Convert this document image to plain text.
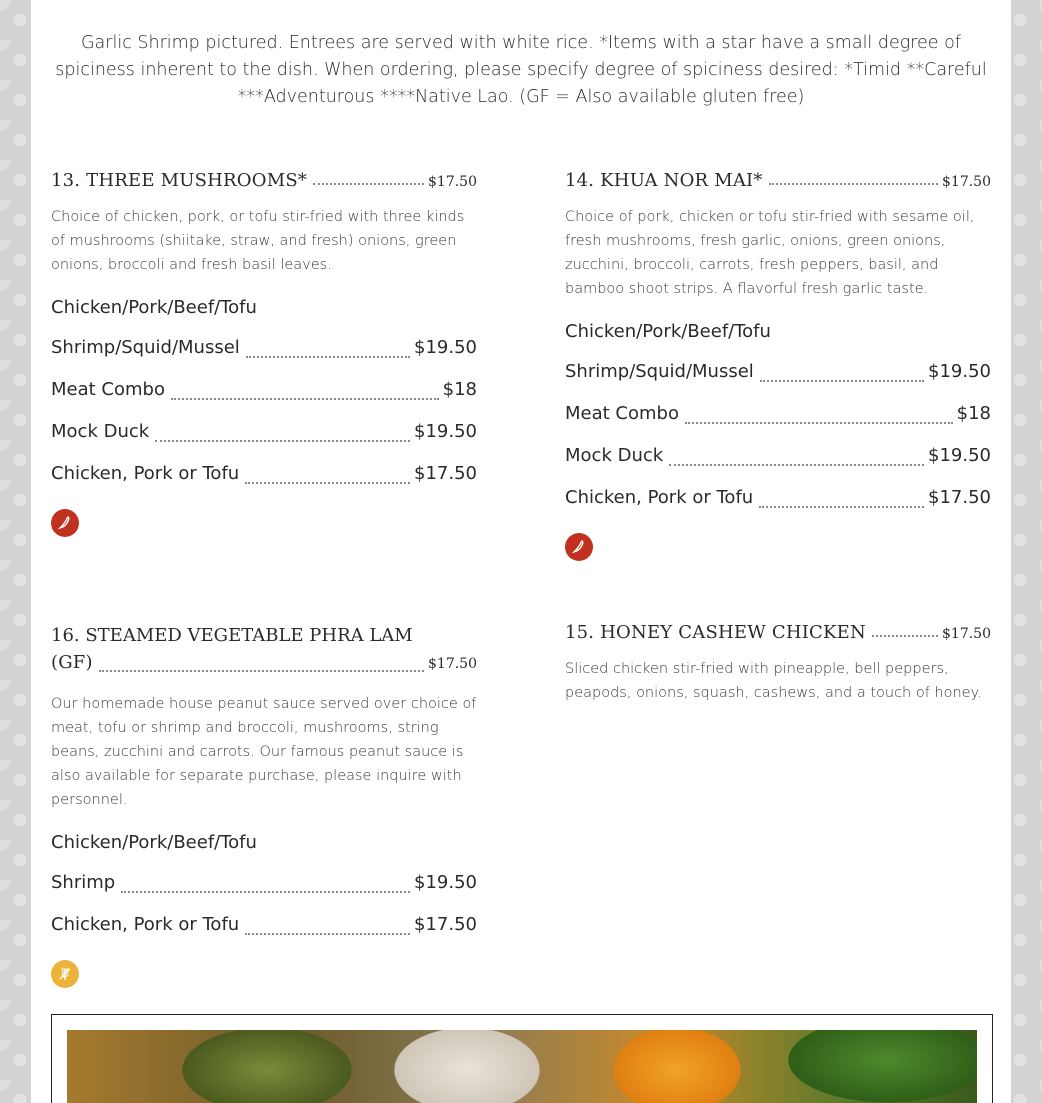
Garlic Shrimp pictured. Entrees are served with white rice. *Items with a star have a small degree of spiciness inherent to the dish. When ordering, please specify degree of spiciness desired: *Timid **Careful ***Adventurous ****Native Lao. (GF = Also available gluten free)

13. THREE MUSHROOMS*	$17.50

Choice of chicken, pork, or tofu stir-fried with three kinds of mushrooms (shiitake, straw, and fresh) onions, green onions, broccoli and fresh basil leaves.

Chicken/Pork/Beef/Tofu
Shrimp/Squid/Mussel	$19.50
Meat Combo	$18
Mock Duck	$19.50
Chicken, Pork or Tofu	$17.50
14. KHUA NOR MAI*	$17.50

Choice of pork, chicken or tofu stir-fried with sesame oil, fresh mushrooms, fresh garlic, onions, green onions, zucchini, broccoli, carrots, fresh peppers, basil, and bamboo shoot strips. A flavorful fresh garlic taste.

Chicken/Pork/Beef/Tofu
Shrimp/Squid/Mussel	$19.50
Meat Combo	$18
Mock Duck	$19.50
Chicken, Pork or Tofu	$17.50
16. STEAMED VEGETABLE PHRA LAM
(GF)	$17.50

Our homemade house peanut sauce served over choice of meat, tofu or shrimp and broccoli, mushrooms, string beans, zucchini and carrots. Our famous peanut sauce is also available for separate purchase, please inquire with personnel.

Chicken/Pork/Beef/Tofu
Shrimp	$19.50
Chicken, Pork or Tofu	$17.50
15. HONEY CASHEW CHICKEN	$17.50

Sliced chicken stir-fried with pineapple, bell peppers, peapods, onions, squash, cashews, and a touch of honey.
